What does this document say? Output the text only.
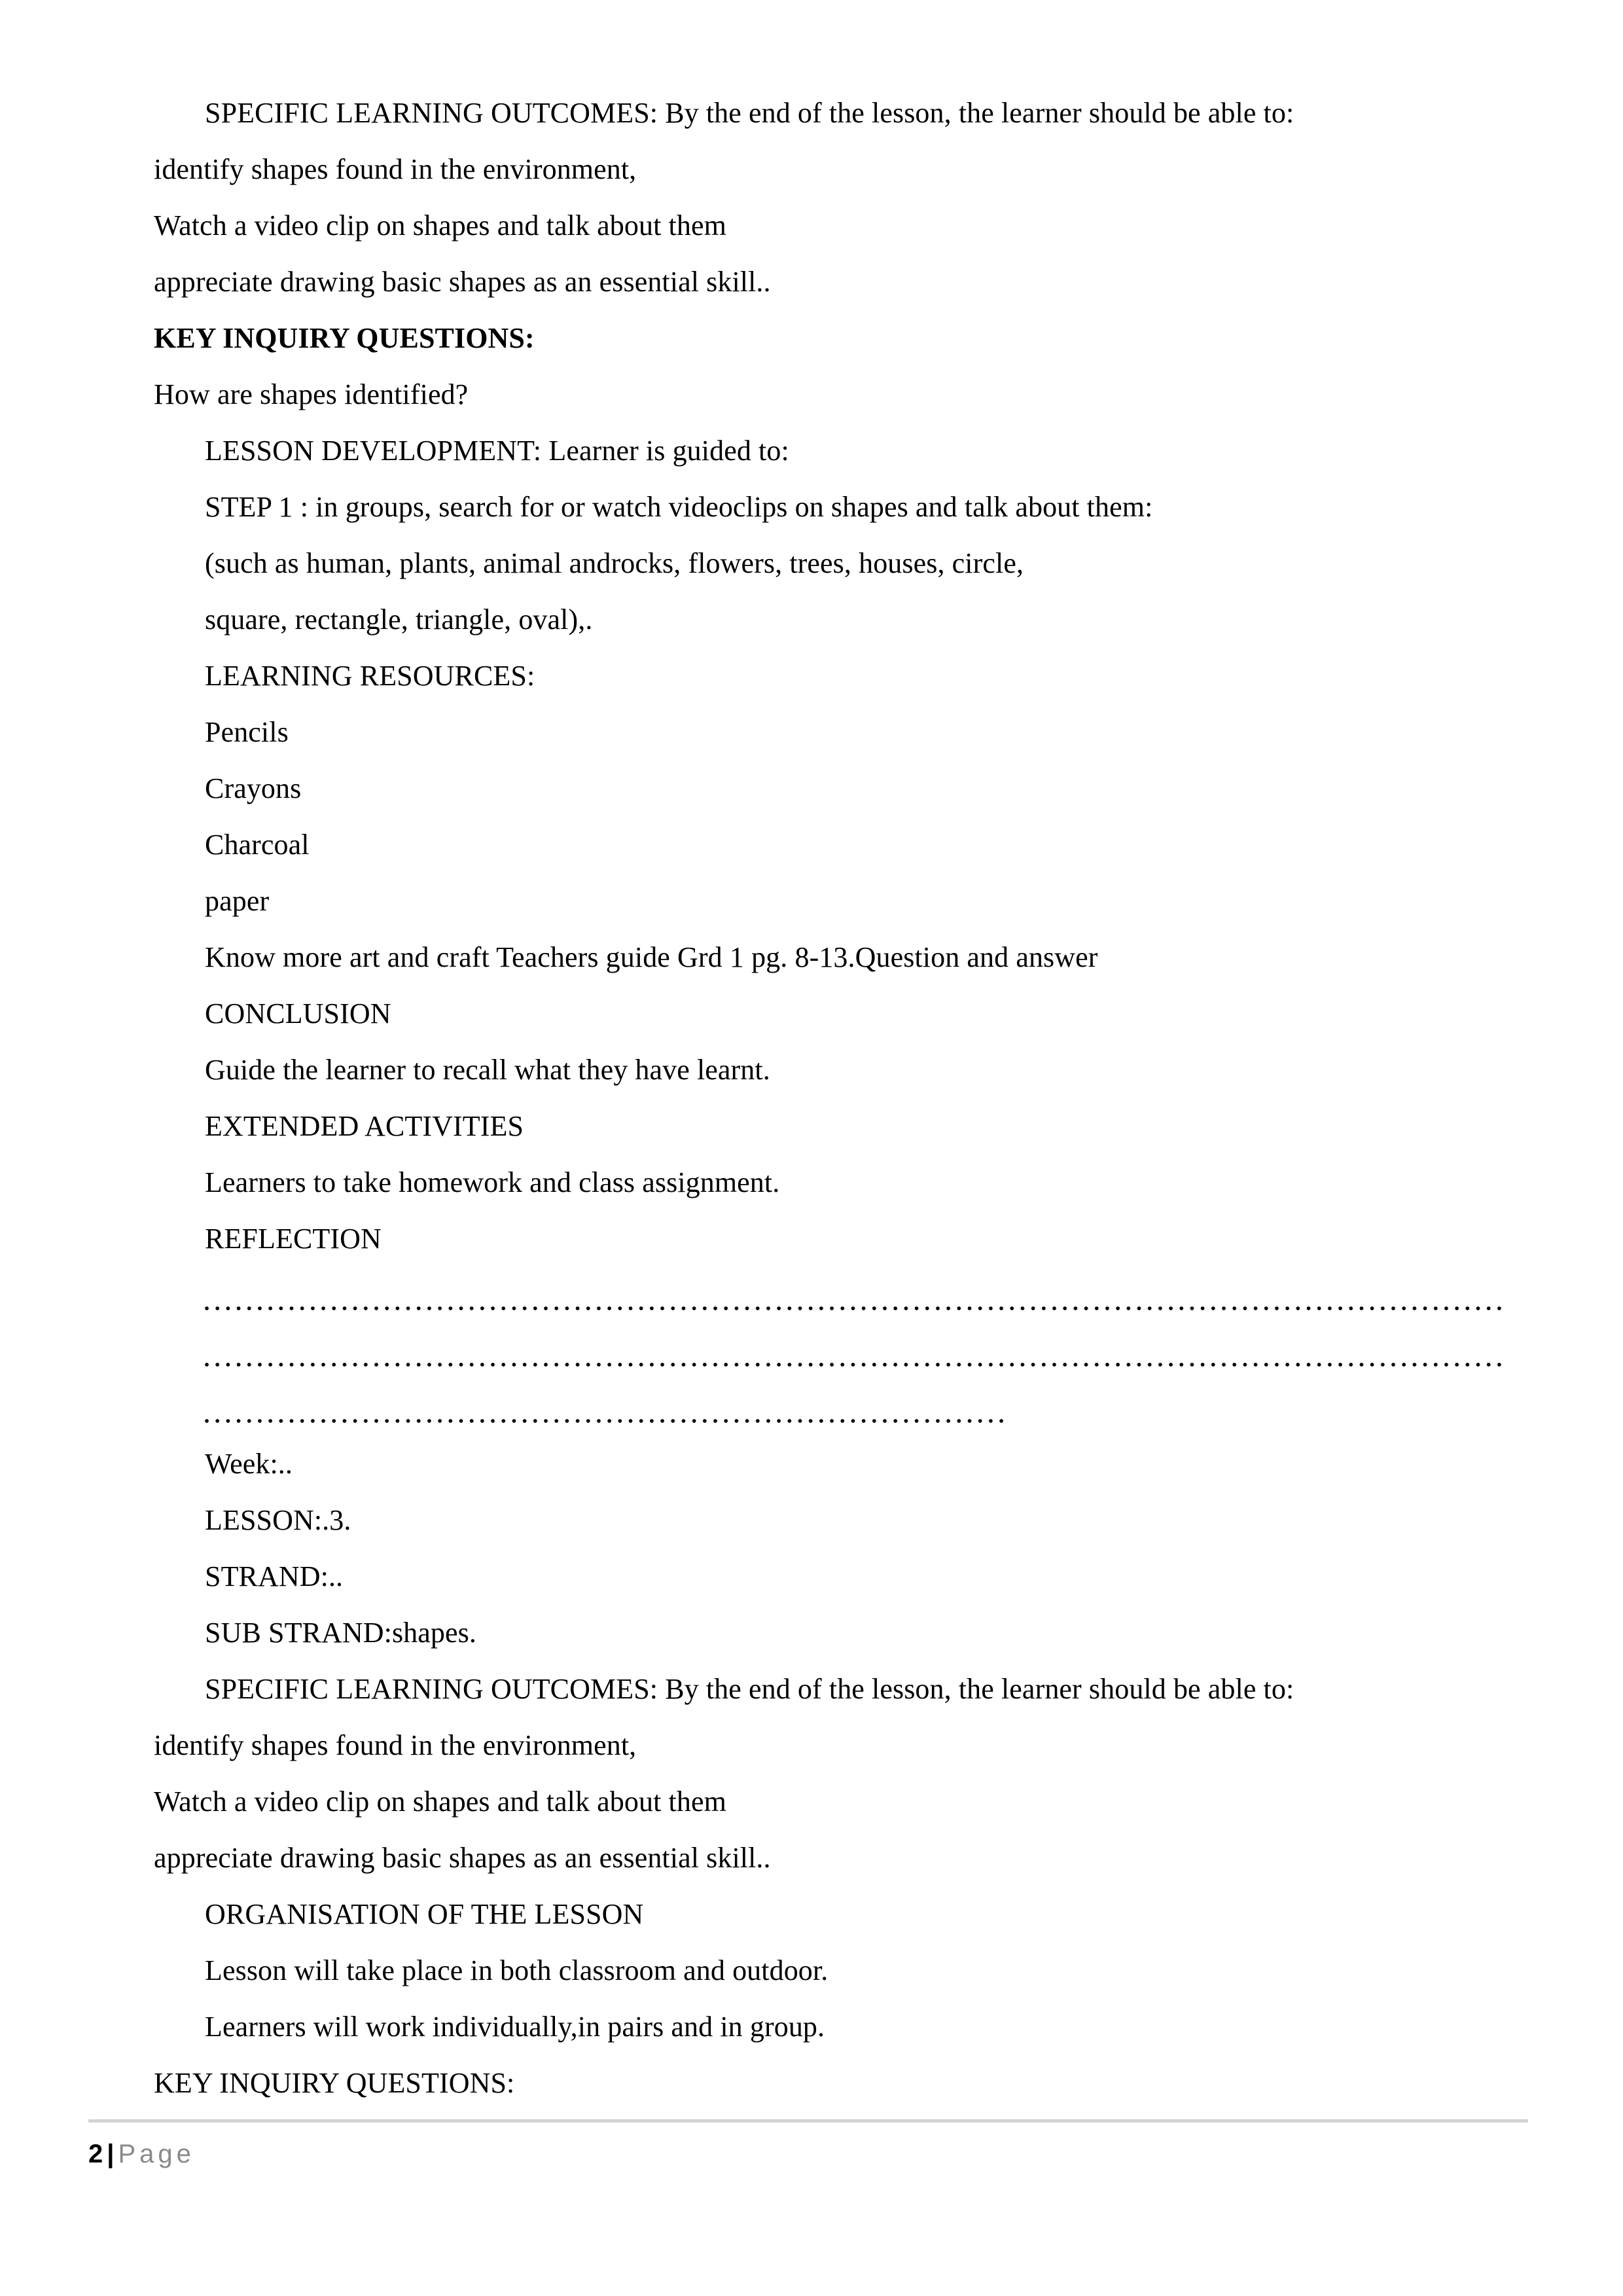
SPECIFIC LEARNING OUTCOMES: By the end of the lesson, the learner should be able to:
identify shapes found in the environment,
Watch a video clip on shapes and talk about them
appreciate drawing basic shapes as an essential skill..
KEY INQUIRY QUESTIONS:
How are shapes identified?
LESSON DEVELOPMENT: Learner is guided to:
STEP 1 : in groups, search for or watch videoclips on shapes and talk about them:
(such as human, plants, animal androcks, flowers, trees, houses, circle,
square, rectangle, triangle, oval),.
LEARNING RESOURCES:
Pencils
Crayons
Charcoal
paper
Know more art and craft Teachers guide Grd 1 pg. 8-13.Question and answer
CONCLUSION
Guide the learner to recall what they have learnt.
EXTENDED ACTIVITIES
Learners to take homework and class assignment.
REFLECTION
Week:..
LESSON:.3.
STRAND:..
SUB STRAND:shapes.
SPECIFIC LEARNING OUTCOMES: By the end of the lesson, the learner should be able to:
identify shapes found in the environment,
Watch a video clip on shapes and talk about them
appreciate drawing basic shapes as an essential skill..
ORGANISATION OF THE LESSON
Lesson will take place in both classroom and outdoor.
Learners will work individually,in pairs and in group.
KEY INQUIRY QUESTIONS:
2 | Page
